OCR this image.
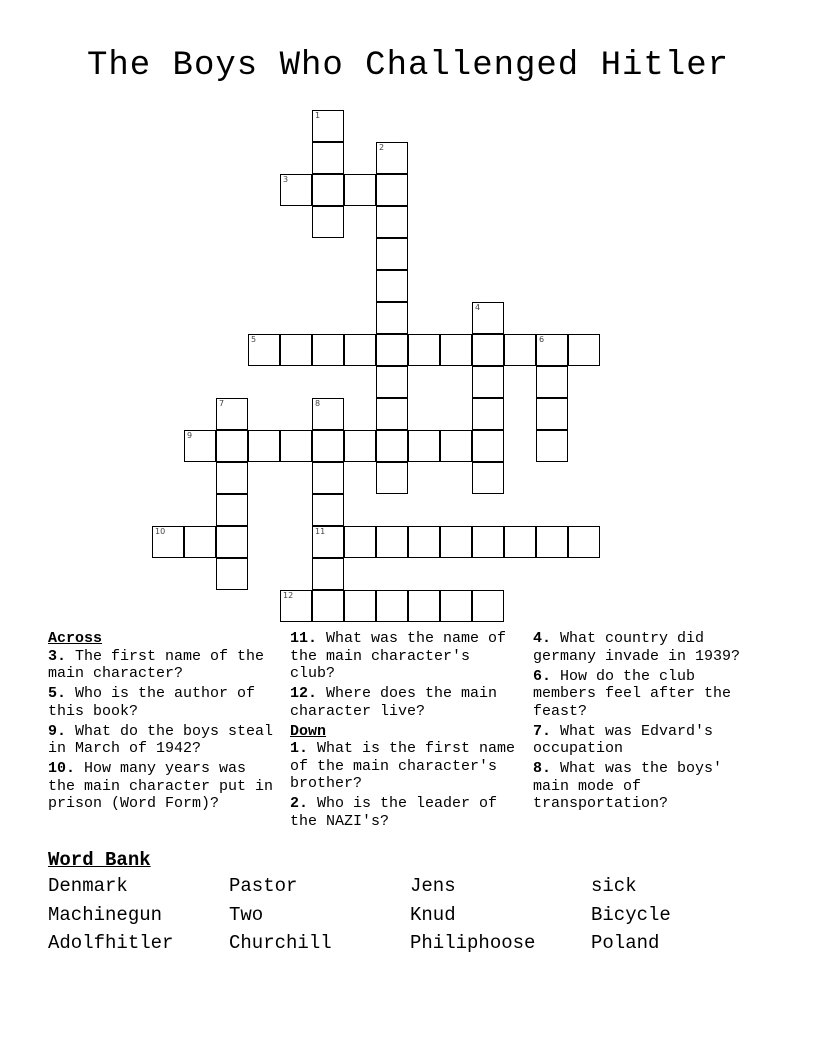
The Boys Who Challenged Hitler
1
2
3
4
5	6
7	8
9
10	11
12
Across
3. The first name of the main character?
5. Who is the author of this book?
9. What do the boys steal in March of 1942?
10. How many years was the main character put in prison (Word Form)?
11. What was the name of the main character's club?
12. Where does the main character live?
Down
1. What is the first name of the main character's brother?
2. Who is the leader of the NAZI's?
4. What country did germany invade in 1939?
6. How do the club members feel after the feast?
7. What was Edvard's occupation
8. What was the boys' main mode of transportation?
Word Bank
Denmark	Pastor	Jens	sick
Machinegun	Two	Knud	Bicycle
Adolfhitler	Churchill	Philiphoose	Poland
